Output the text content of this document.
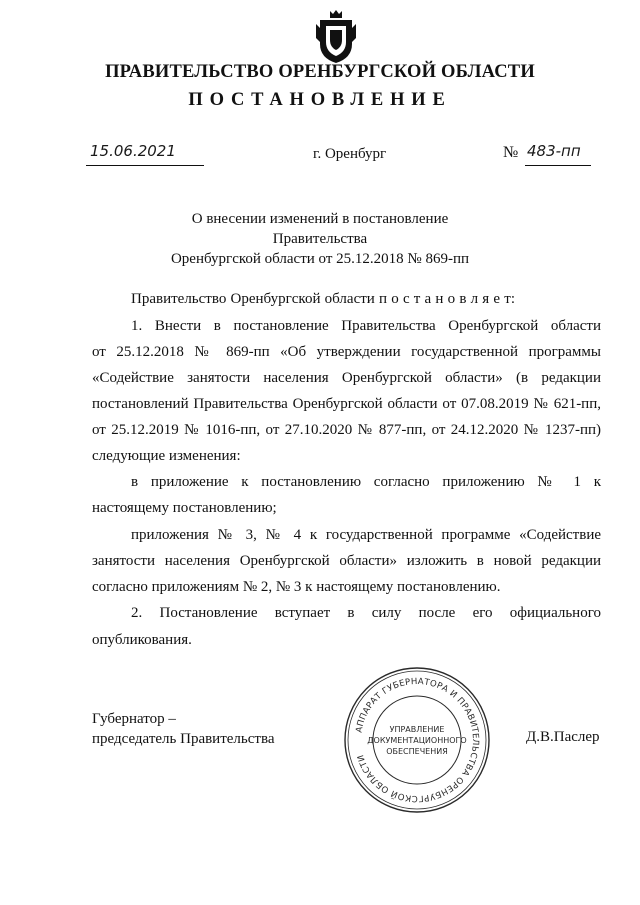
ПРАВИТЕЛЬСТВО ОРЕНБУРГСКОЙ ОБЛАСТИ
ПОСТАНОВЛЕНИЕ
15.06.2021	г. Оренбург	№ 483-пп
О внесении изменений в постановление Правительства
Оренбургской области от 25.12.2018 № 869-пп
Правительство Оренбургской области п о с т а н о в л я е т:
1. Внести в постановление Правительства Оренбургской области
от 25.12.2018 № 869-пп «Об утверждении государственной программы
«Содействие занятости населения Оренбургской области» (в редакции
постановлений Правительства Оренбургской области от 07.08.2019 № 621-пп,
от 25.12.2019 № 1016-пп, от 27.10.2020 № 877-пп, от 24.12.2020 № 1237-пп)
следующие изменения:
в приложение к постановлению согласно приложению № 1 к
настоящему постановлению;
приложения № 3, № 4 к государственной программе «Содействие
занятости населения Оренбургской области» изложить в новой редакции
согласно приложениям № 2, № 3 к настоящему постановлению.
2. Постановление вступает в силу после его официального
опубликования.
Губернатор –
председатель Правительства	Д.В.Паслер
АППАРАТ ГУБЕРНАТОРА И ПРАВИТЕЛЬСТВА ОРЕНБУРГСКОЙ ОБЛАСТИ
УПРАВЛЕНИЕ
ДОКУМЕНТАЦИОННОГО
ОБЕСПЕЧЕНИЯ
